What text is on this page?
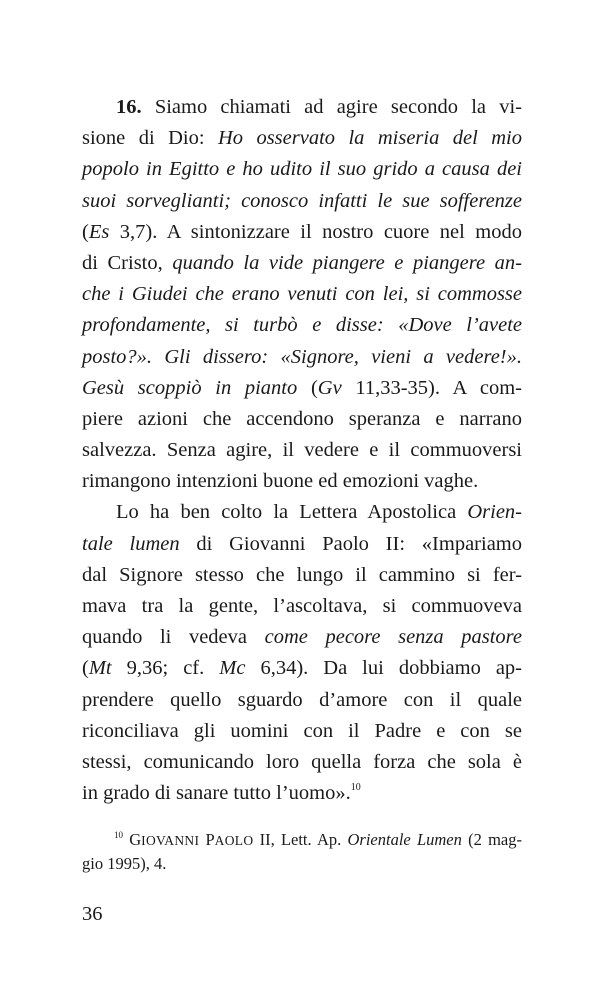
16. Siamo chiamati ad agire secondo la vi-
sione di Dio: Ho osservato la miseria del mio
popolo in Egitto e ho udito il suo grido a causa dei
suoi sorveglianti; conosco infatti le sue sofferenze
(Es 3,7). A sintonizzare il nostro cuore nel modo
di Cristo, quando la vide piangere e piangere an-
che i Giudei che erano venuti con lei, si commosse
profondamente, si turbò e disse: «Dove l’avete
posto?». Gli dissero: «Signore, vieni a vedere!».
Gesù scoppiò in pianto (Gv 11,33-35). A com-
piere azioni che accendono speranza e narrano
salvezza. Senza agire, il vedere e il commuoversi
rimangono intenzioni buone ed emozioni vaghe.
Lo ha ben colto la Lettera Apostolica Orien-
tale lumen di Giovanni Paolo II: «Impariamo
dal Signore stesso che lungo il cammino si fer-
mava tra la gente, l’ascoltava, si commuoveva
quando li vedeva come pecore senza pastore
(Mt 9,36; cf. Mc 6,34). Da lui dobbiamo ap-
prendere quello sguardo d’amore con il quale
riconciliava gli uomini con il Padre e con se
stessi, comunicando loro quella forza che sola è
in grado di sanare tutto l’uomo».$^{10}$
$^{10}$ GIOVANNI PAOLO II, Lett. Ap. Orientale Lumen (2 mag-
gio 1995), 4.
36
